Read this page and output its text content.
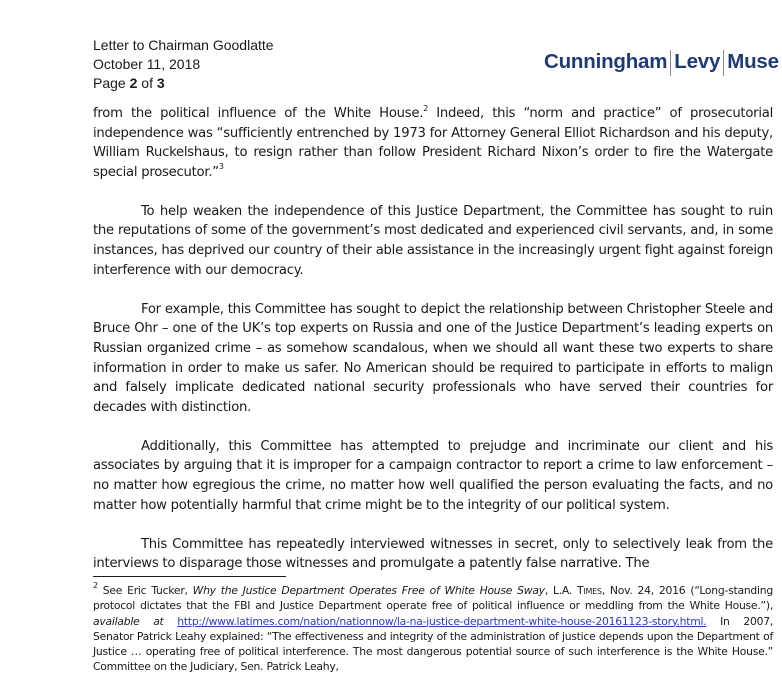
Letter to Chairman Goodlatte
October 11, 2018
Page 2 of 3
Cunningham Levy Muse

from the political influence of the White House.$^2$ Indeed, this “norm and practice” of prosecutorial independence was “sufficiently entrenched by 1973 for Attorney General Elliot Richardson and his deputy, William Ruckelshaus, to resign rather than follow President Richard Nixon’s order to fire the Watergate special prosecutor.”$^3$

To help weaken the independence of this Justice Department, the Committee has sought to ruin the reputations of some of the government’s most dedicated and experienced civil servants, and, in some instances, has deprived our country of their able assistance in the increasingly urgent fight against foreign interference with our democracy.

For example, this Committee has sought to depict the relationship between Christopher Steele and Bruce Ohr – one of the UK’s top experts on Russia and one of the Justice Department’s leading experts on Russian organized crime – as somehow scandalous, when we should all want these two experts to share information in order to make us safer. No American should be required to participate in efforts to malign and falsely implicate dedicated national security professionals who have served their countries for decades with distinction.

Additionally, this Committee has attempted to prejudge and incriminate our client and his associates by arguing that it is improper for a campaign contractor to report a crime to law enforcement – no matter how egregious the crime, no matter how well qualified the person evaluating the facts, and no matter how potentially harmful that crime might be to the integrity of our political system.

This Committee has repeatedly interviewed witnesses in secret, only to selectively leak from the interviews to disparage those witnesses and promulgate a patently false narrative. The

$^2$ See Eric Tucker, Why the Justice Department Operates Free of White House Sway, L.A. Times, Nov. 24, 2016 (“Long-standing protocol dictates that the FBI and Justice Department operate free of political influence or meddling from the White House.”), available at http://www.latimes.com/nation/nationnow/la-na-justice-department-white-house-20161123-story.html. In 2007, Senator Patrick Leahy explained: “The effectiveness and integrity of the administration of justice depends upon the Department of Justice … operating free of political interference. The most dangerous potential source of such interference is the White House.” Committee on the Judiciary, Sen. Patrick Leahy,
